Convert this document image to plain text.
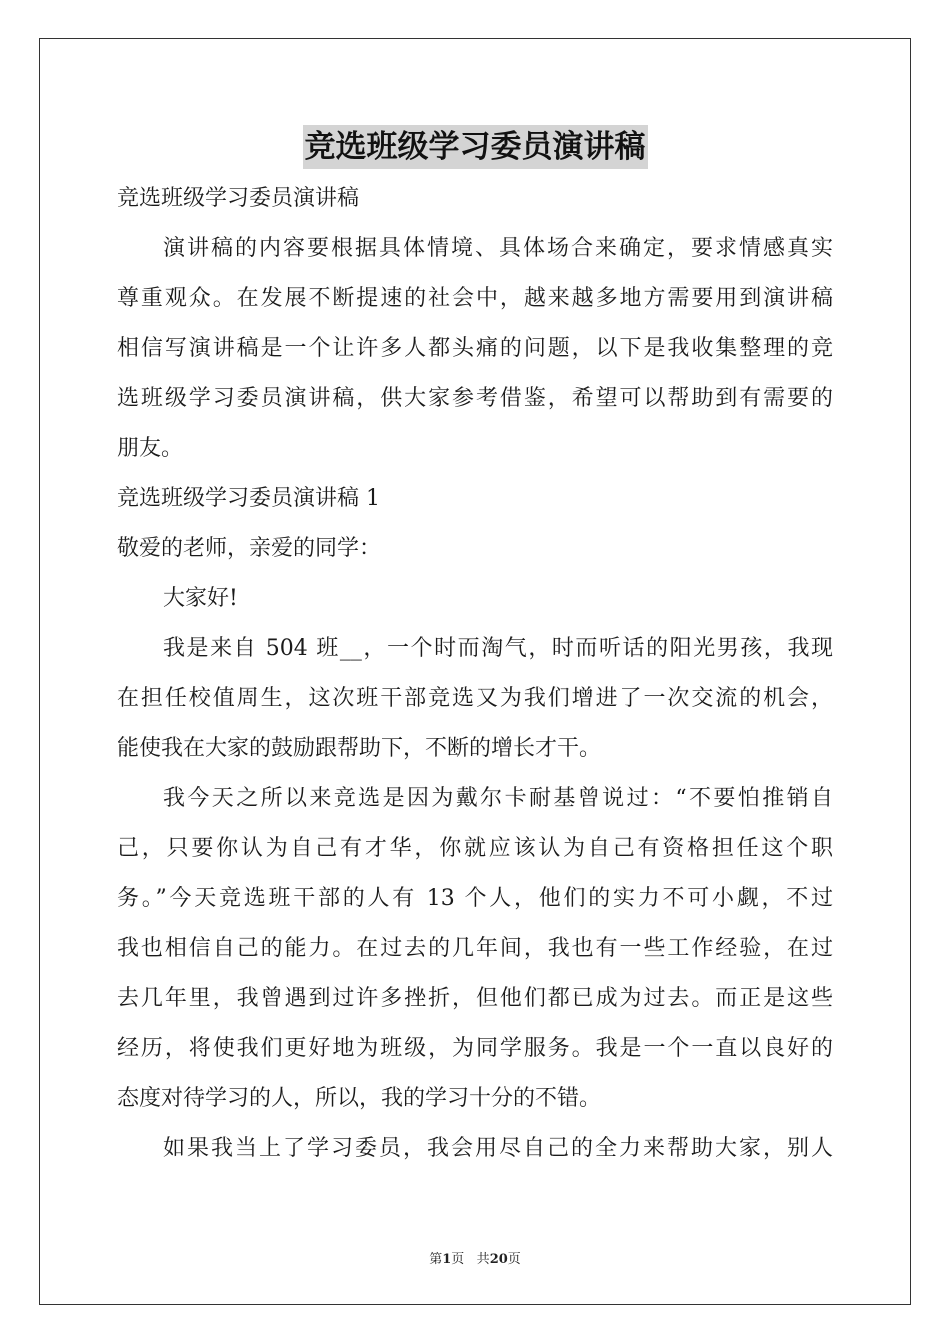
竞选班级学习委员演讲稿
竞选班级学习委员演讲稿
演讲稿的内容要根据具体情境、具体场合来确定，要求情感真实
尊重观众。在发展不断提速的社会中，越来越多地方需要用到演讲稿
相信写演讲稿是一个让许多人都头痛的问题，以下是我收集整理的竞
选班级学习委员演讲稿，供大家参考借鉴，希望可以帮助到有需要的
朋友。
竞选班级学习委员演讲稿 1
敬爱的老师，亲爱的同学：
大家好!
我是来自 504 班__，一个时而淘气，时而听话的阳光男孩，我现
在担任校值周生，这次班干部竞选又为我们增进了一次交流的机会，
能使我在大家的鼓励跟帮助下，不断的增长才干。
我今天之所以来竞选是因为戴尔卡耐基曾说过：“不要怕推销自
己，只要你认为自己有才华，你就应该认为自己有资格担任这个职
务。”今天竞选班干部的人有 13 个人，他们的实力不可小觑，不过
我也相信自己的能力。在过去的几年间，我也有一些工作经验，在过
去几年里，我曾遇到过许多挫折，但他们都已成为过去。而正是这些
经历，将使我们更好地为班级，为同学服务。我是一个一直以良好的
态度对待学习的人，所以，我的学习十分的不错。
如果我当上了学习委员，我会用尽自己的全力来帮助大家，别人
第1页 共20页
